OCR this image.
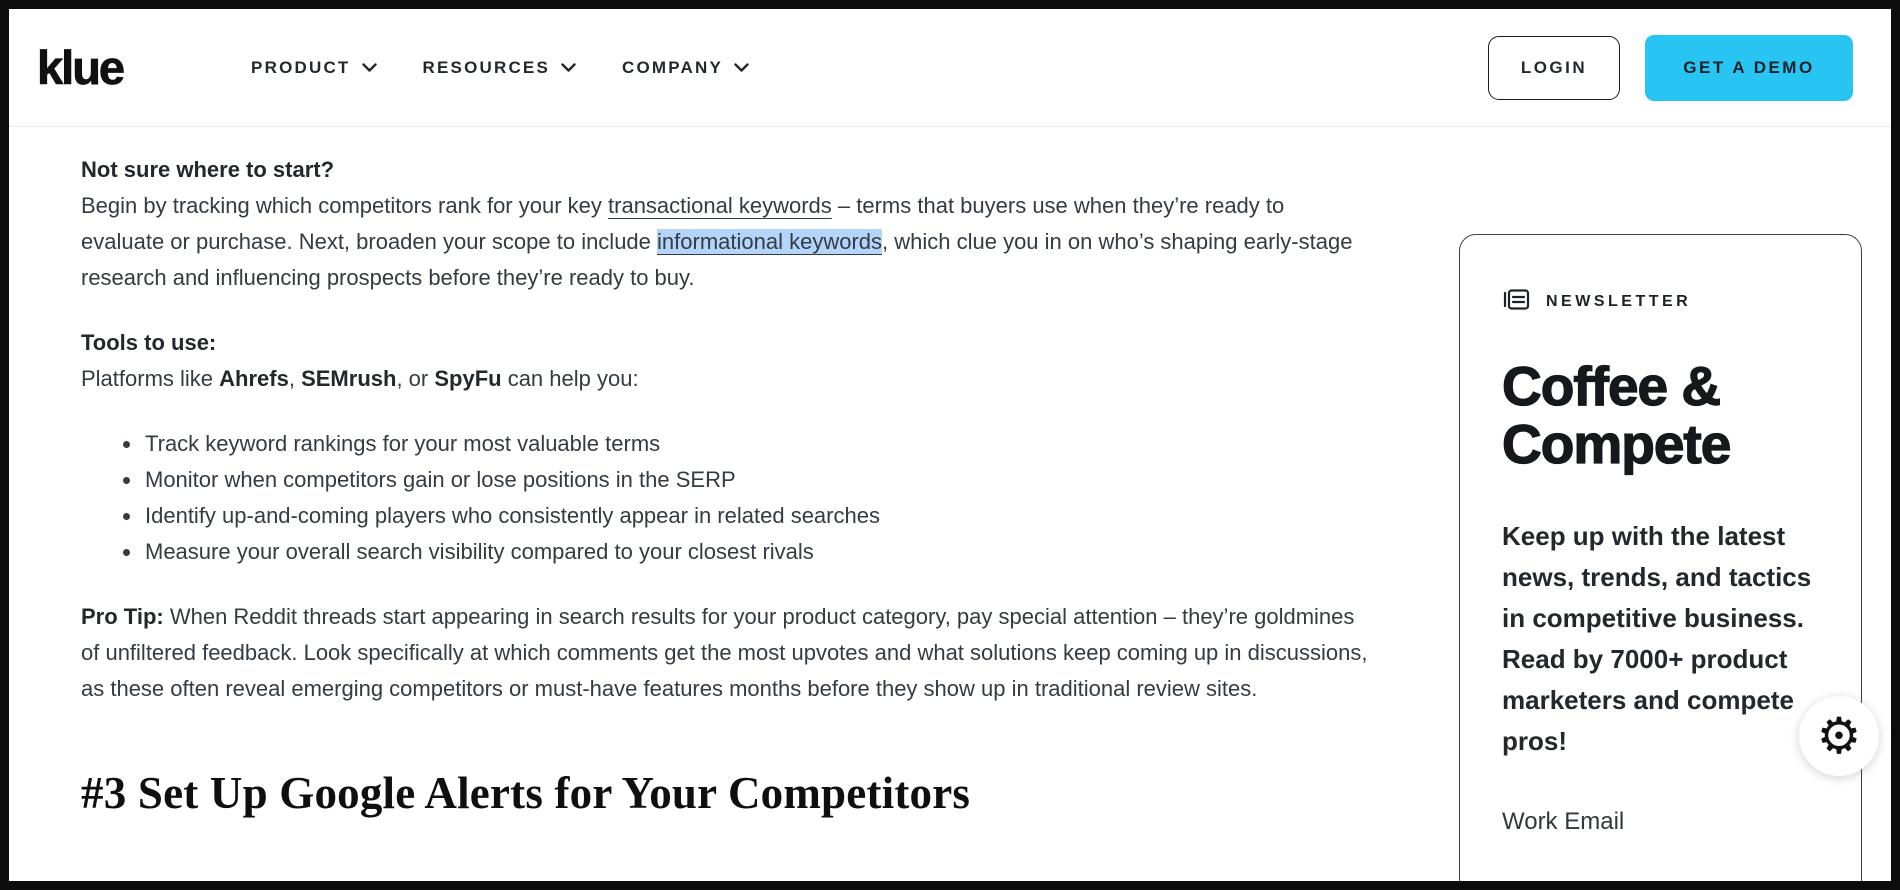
klue	PRODUCT	RESOURCES	COMPANY	LOGIN	GET A DEMO

Not sure where to start?
Begin by tracking which competitors rank for your key transactional keywords – terms that buyers use when they’re ready to evaluate or purchase. Next, broaden your scope to include informational keywords, which clue you in on who’s shaping early-stage research and influencing prospects before they’re ready to buy.

Tools to use:
Platforms like Ahrefs, SEMrush, or SpyFu can help you:

• Track keyword rankings for your most valuable terms
• Monitor when competitors gain or lose positions in the SERP
• Identify up-and-coming players who consistently appear in related searches
• Measure your overall search visibility compared to your closest rivals

Pro Tip: When Reddit threads start appearing in search results for your product category, pay special attention – they’re goldmines of unfiltered feedback. Look specifically at which comments get the most upvotes and what solutions keep coming up in discussions, as these often reveal emerging competitors or must-have features months before they show up in traditional review sites.

#3 Set Up Google Alerts for Your Competitors
NEWSLETTER
Coffee & Compete
Keep up with the latest news, trends, and tactics in competitive business. Read by 7000+ product marketers and compete pros!
Work Email
⚙
